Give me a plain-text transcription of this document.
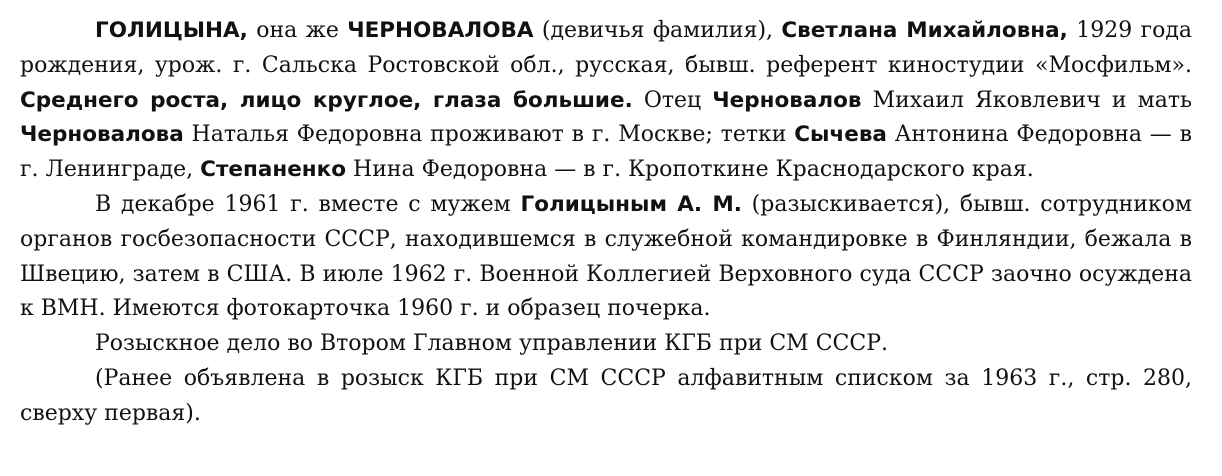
ГОЛИЦЫНА, она же ЧЕРНОВАЛОВА (девичья фамилия), Светлана Михайловна, 1929 года рождения, урож. г. Сальска Ростовской обл., русская, бывш. референт киностудии «Мосфильм». Среднего роста, лицо круглое, глаза большие. Отец Черновалов Михаил Яковлевич и мать Черновалова Наталья Федоровна проживают в г. Москве; тетки Сычева Антонина Федоровна — в г. Ленинграде, Степаненко Нина Федоровна — в г. Кропоткине Краснодарского края.

В декабре 1961 г. вместе с мужем Голицыным А. М. (разыскивается), бывш. сотрудником органов госбезопасности СССР, находившемся в служебной командировке в Финляндии, бежала в Швецию, затем в США. В июле 1962 г. Военной Коллегией Верховного суда СССР заочно осуждена к ВМН. Имеются фотокарточка 1960 г. и образец почерка.

Розыскное дело во Втором Главном управлении КГБ при СМ СССР.

(Ранее объявлена в розыск КГБ при СМ СССР алфавитным списком за 1963 г., стр. 280, сверху первая).
